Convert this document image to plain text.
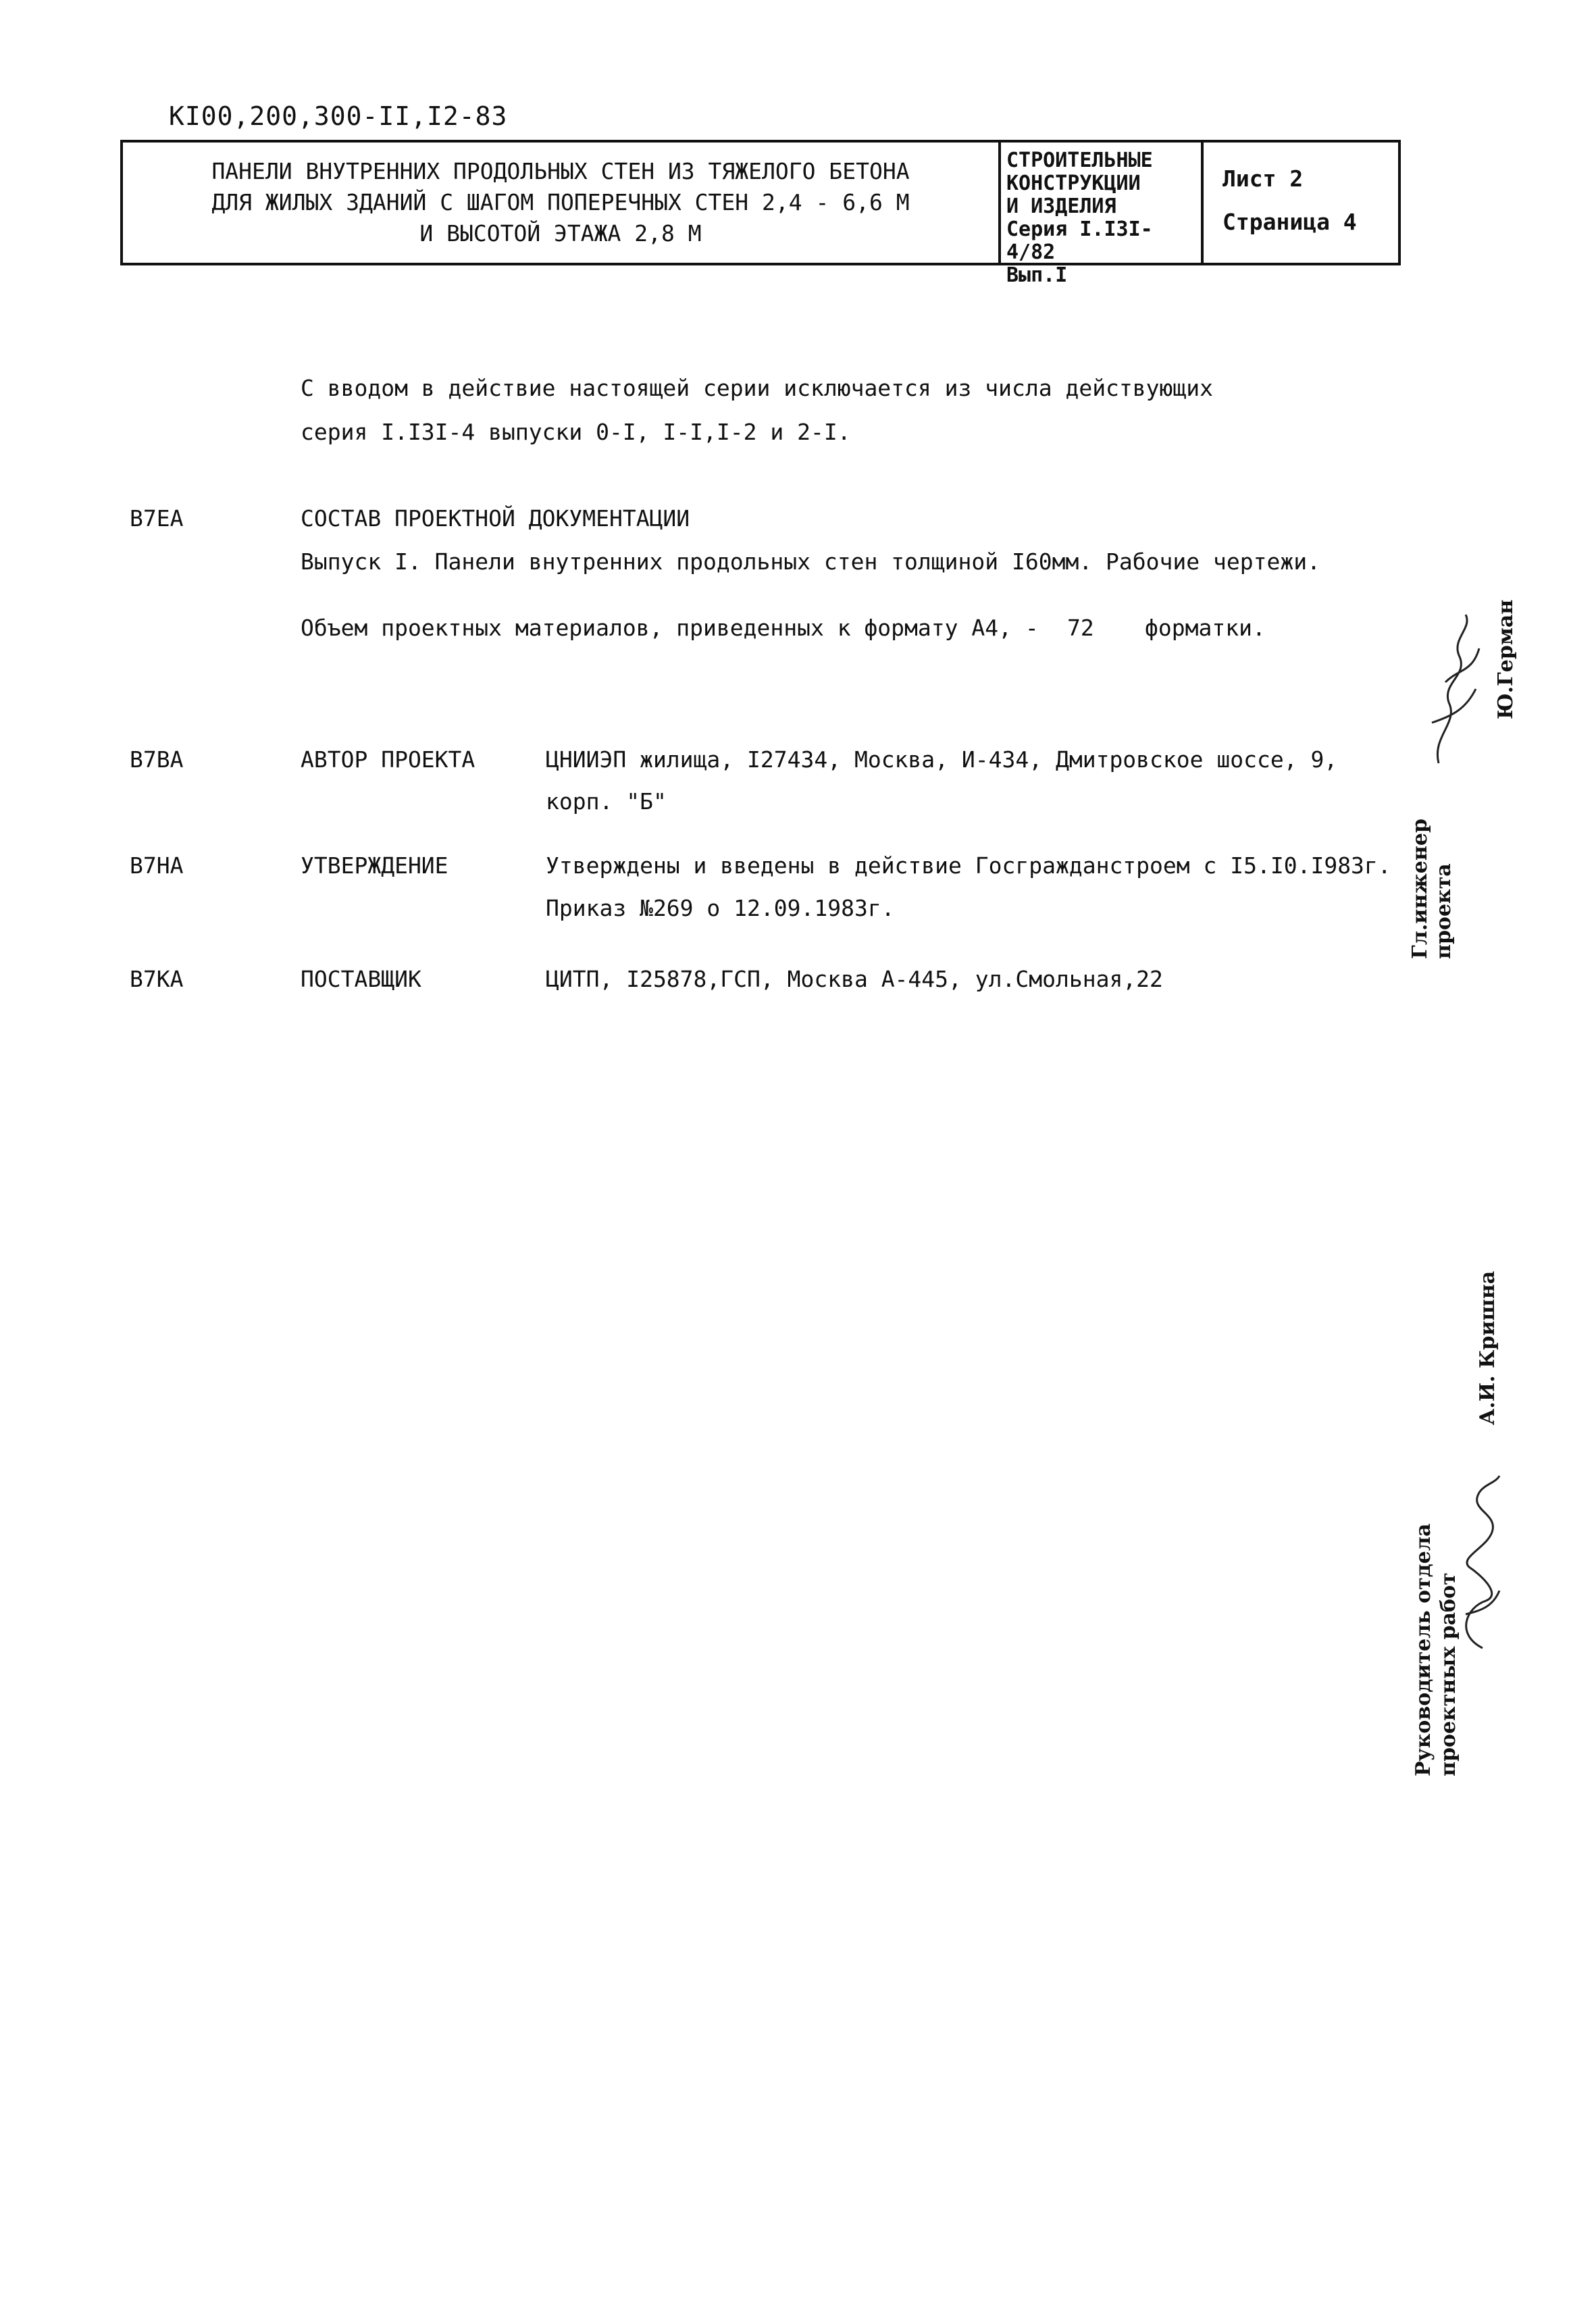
КI00,200,300-II,I2-83
ПАНЕЛИ ВНУТРЕННИХ ПРОДОЛЬНЫХ СТЕН ИЗ ТЯЖЕЛОГО БЕТОНА
ДЛЯ ЖИЛЫХ ЗДАНИЙ С ШАГОМ ПОПЕРЕЧНЫХ СТЕН 2,4 - 6,6 М
И ВЫСОТОЙ ЭТАЖА 2,8 М
СТРОИТЕЛЬНЫЕ
КОНСТРУКЦИИ
И ИЗДЕЛИЯ
Серия I.I3I-4/82
Вып.I
Лист 2
Страница 4
С вводом в действие настоящей серии исключается из числа действующих
серия I.I3I-4 выпуски 0-I, I-I,I-2 и 2-I.
В7ЕА	СОСТАВ ПРОЕКТНОЙ ДОКУМЕНТАЦИИ
Выпуск I. Панели внутренних продольных стен толщиной I60мм. Рабочие чертежи.
Объем проектных материалов, приведенных к формату А4, - 72 форматки.
В7ВА	АВТОР ПРОЕКТА	ЦНИИЭП жилища, I27434, Москва, И-434, Дмитровское шоссе, 9,
корп. "Б"
В7НА	УТВЕРЖДЕНИЕ	Утверждены и введены в действие Госгражданстроем с I5.I0.I983г.
Приказ №269 о 12.09.1983г.
В7КА	ПОСТАВЩИК	ЦИТП, I25878,ГСП, Москва А-445, ул.Смольная,22
Ю.Герман
Гл.инженер проекта
А.И. Кришна
Руководитель отдела проектных работ
